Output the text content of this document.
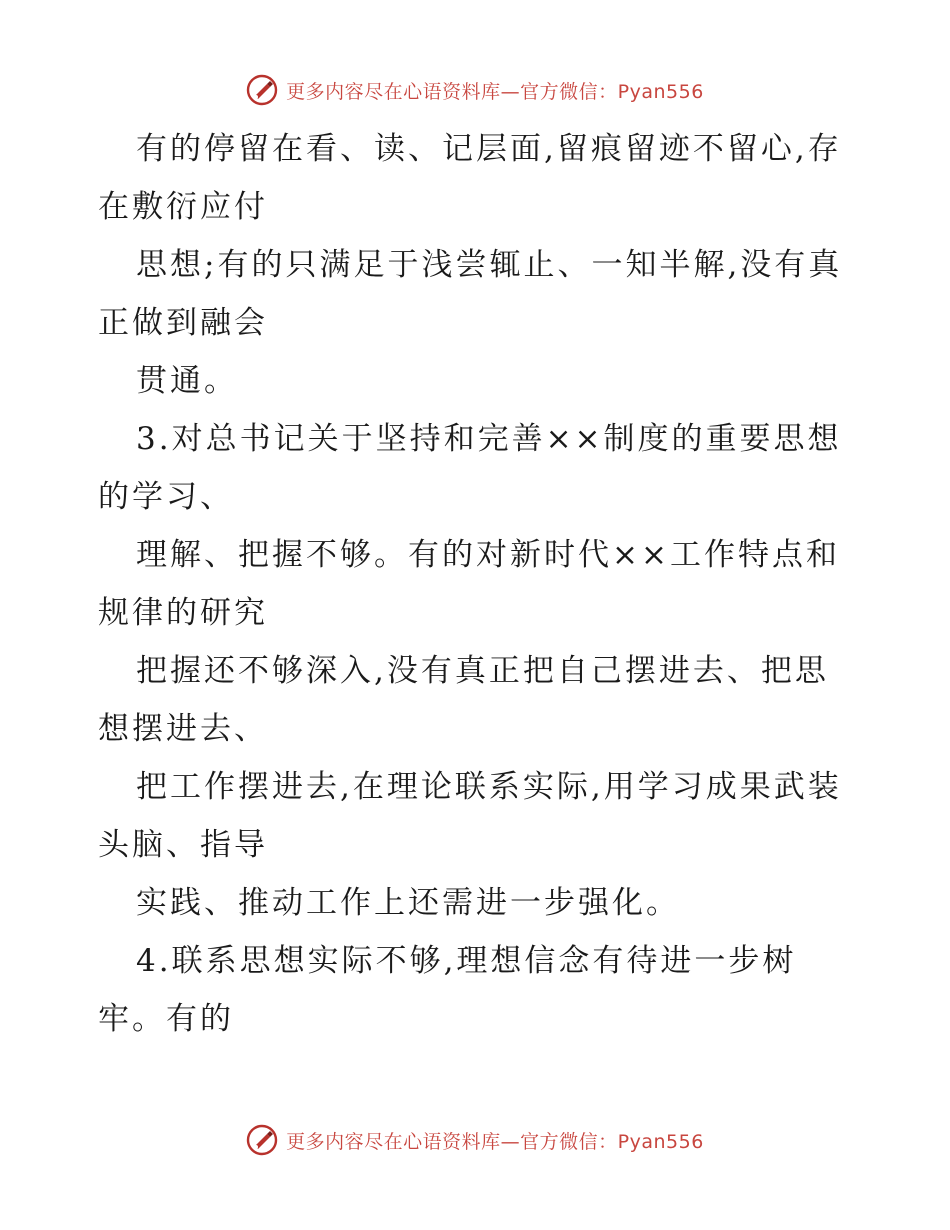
更多内容尽在心语资料库—官方微信：Pyan556

有的停留在看、读、记层面,留痕留迹不留心,存在敷衍应付

思想;有的只满足于浅尝辄止、一知半解,没有真正做到融会

贯通。

3.对总书记关于坚持和完善××制度的重要思想的学习、

理解、把握不够。有的对新时代××工作特点和规律的研究

把握还不够深入,没有真正把自己摆进去、把思想摆进去、

把工作摆进去,在理论联系实际,用学习成果武装头脑、指导

实践、推动工作上还需进一步强化。

4.联系思想实际不够,理想信念有待进一步树牢。有的

更多内容尽在心语资料库—官方微信：Pyan556
